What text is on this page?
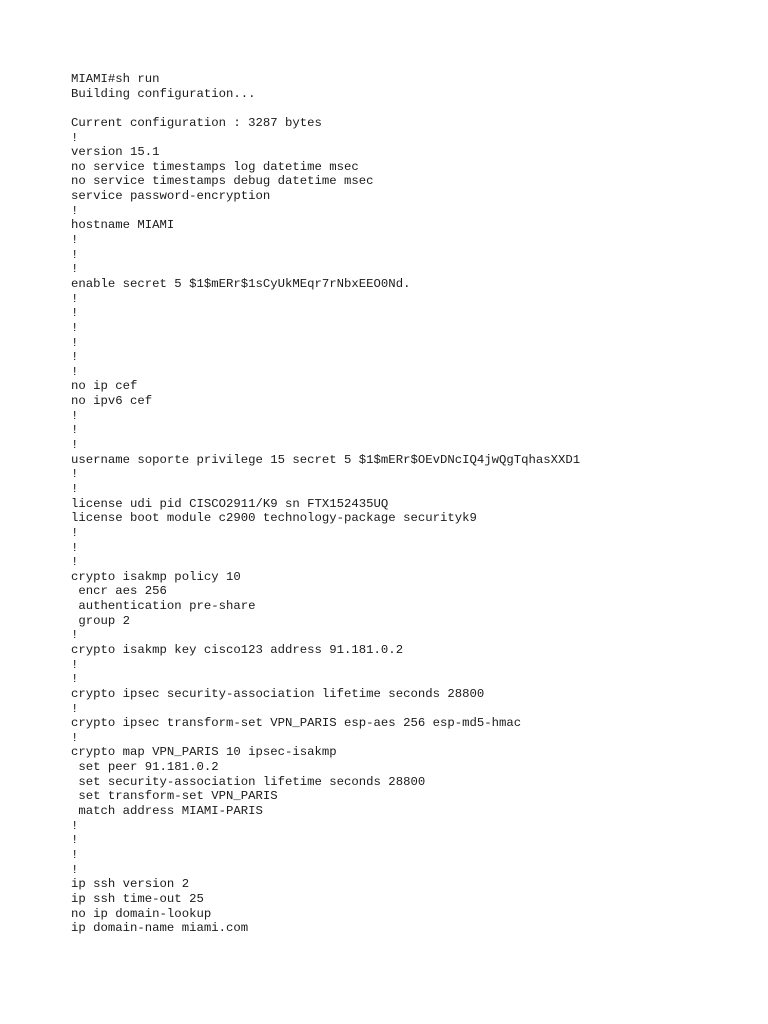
MIAMI#sh run
Building configuration...
Current configuration : 3287 bytes
!
version 15.1
no service timestamps log datetime msec
no service timestamps debug datetime msec
service password-encryption
!
hostname MIAMI
!
!
!
enable secret 5 $1$mERr$1sCyUkMEqr7rNbxEEO0Nd.
!
!
!
!
!
!
no ip cef
no ipv6 cef
!
!
!
username soporte privilege 15 secret 5 $1$mERr$OEvDNcIQ4jwQgTqhasXXD1
!
!
license udi pid CISCO2911/K9 sn FTX152435UQ
license boot module c2900 technology-package securityk9
!
!
!
crypto isakmp policy 10
encr aes 256
authentication pre-share
group 2
!
crypto isakmp key cisco123 address 91.181.0.2
!
!
crypto ipsec security-association lifetime seconds 28800
!
crypto ipsec transform-set VPN_PARIS esp-aes 256 esp-md5-hmac
!
crypto map VPN_PARIS 10 ipsec-isakmp
set peer 91.181.0.2
set security-association lifetime seconds 28800
set transform-set VPN_PARIS
match address MIAMI-PARIS
!
!
!
!
ip ssh version 2
ip ssh time-out 25
no ip domain-lookup
ip domain-name miami.com
